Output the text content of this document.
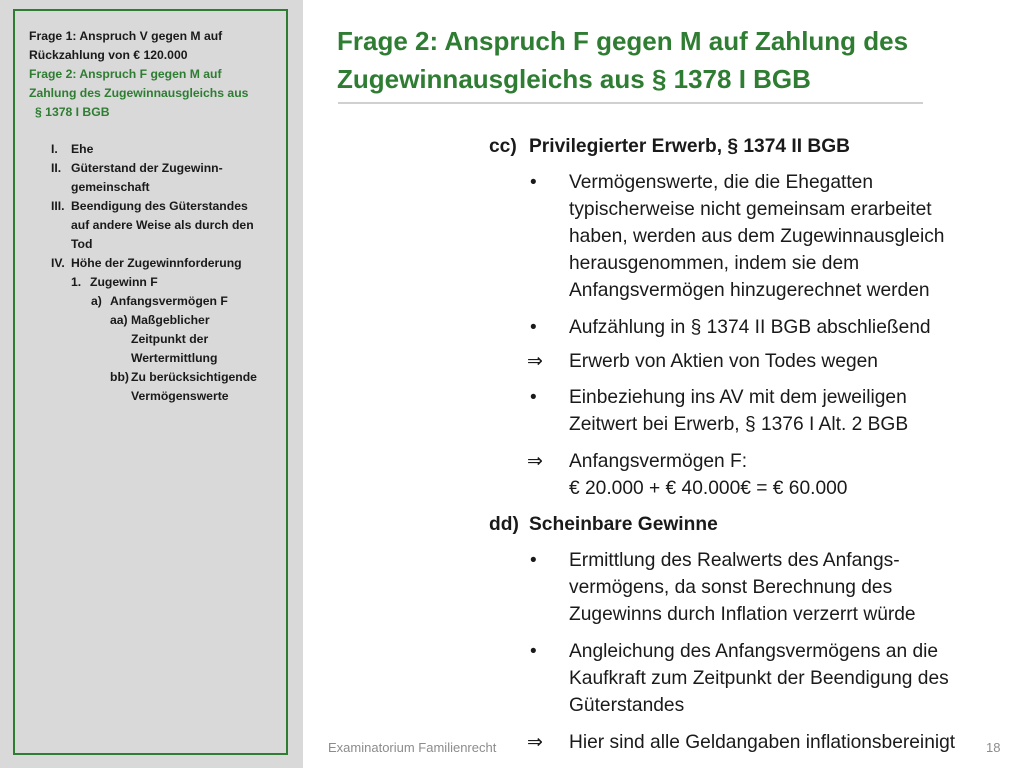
Frage 1: Anspruch V gegen M auf
Rückzahlung von € 120.000
Frage 2: Anspruch F gegen M auf
Zahlung des Zugewinnausgleichs aus
§ 1378 I BGB
I. Ehe
II. Güterstand der Zugewinn-
gemeinschaft
III. Beendigung des Güterstandes
auf andere Weise als durch den
Tod
IV. Höhe der Zugewinnforderung
1. Zugewinn F
a) Anfangsvermögen F
aa) Maßgeblicher
Zeitpunkt der
Wertermittlung
bb) Zu berücksichtigende
Vermögenswerte
Frage 2: Anspruch F gegen M auf Zahlung des
Zugewinnausgleichs aus § 1378 I BGB
cc) Privilegierter Erwerb, § 1374 II BGB
• Vermögenswerte, die die Ehegatten
typischerweise nicht gemeinsam erarbeitet
haben, werden aus dem Zugewinnausgleich
herausgenommen, indem sie dem
Anfangsvermögen hinzugerechnet werden
• Aufzählung in § 1374 II BGB abschließend
⇒ Erwerb von Aktien von Todes wegen
• Einbeziehung ins AV mit dem jeweiligen
Zeitwert bei Erwerb, § 1376 I Alt. 2 BGB
⇒ Anfangsvermögen F:
€ 20.000 + € 40.000€ = € 60.000
dd) Scheinbare Gewinne
• Ermittlung des Realwerts des Anfangs-
vermögens, da sonst Berechnung des
Zugewinns durch Inflation verzerrt würde
• Angleichung des Anfangsvermögens an die
Kaufkraft zum Zeitpunkt der Beendigung des
Güterstandes
⇒ Hier sind alle Geldangaben inflationsbereinigt
Examinatorium Familienrecht	18
